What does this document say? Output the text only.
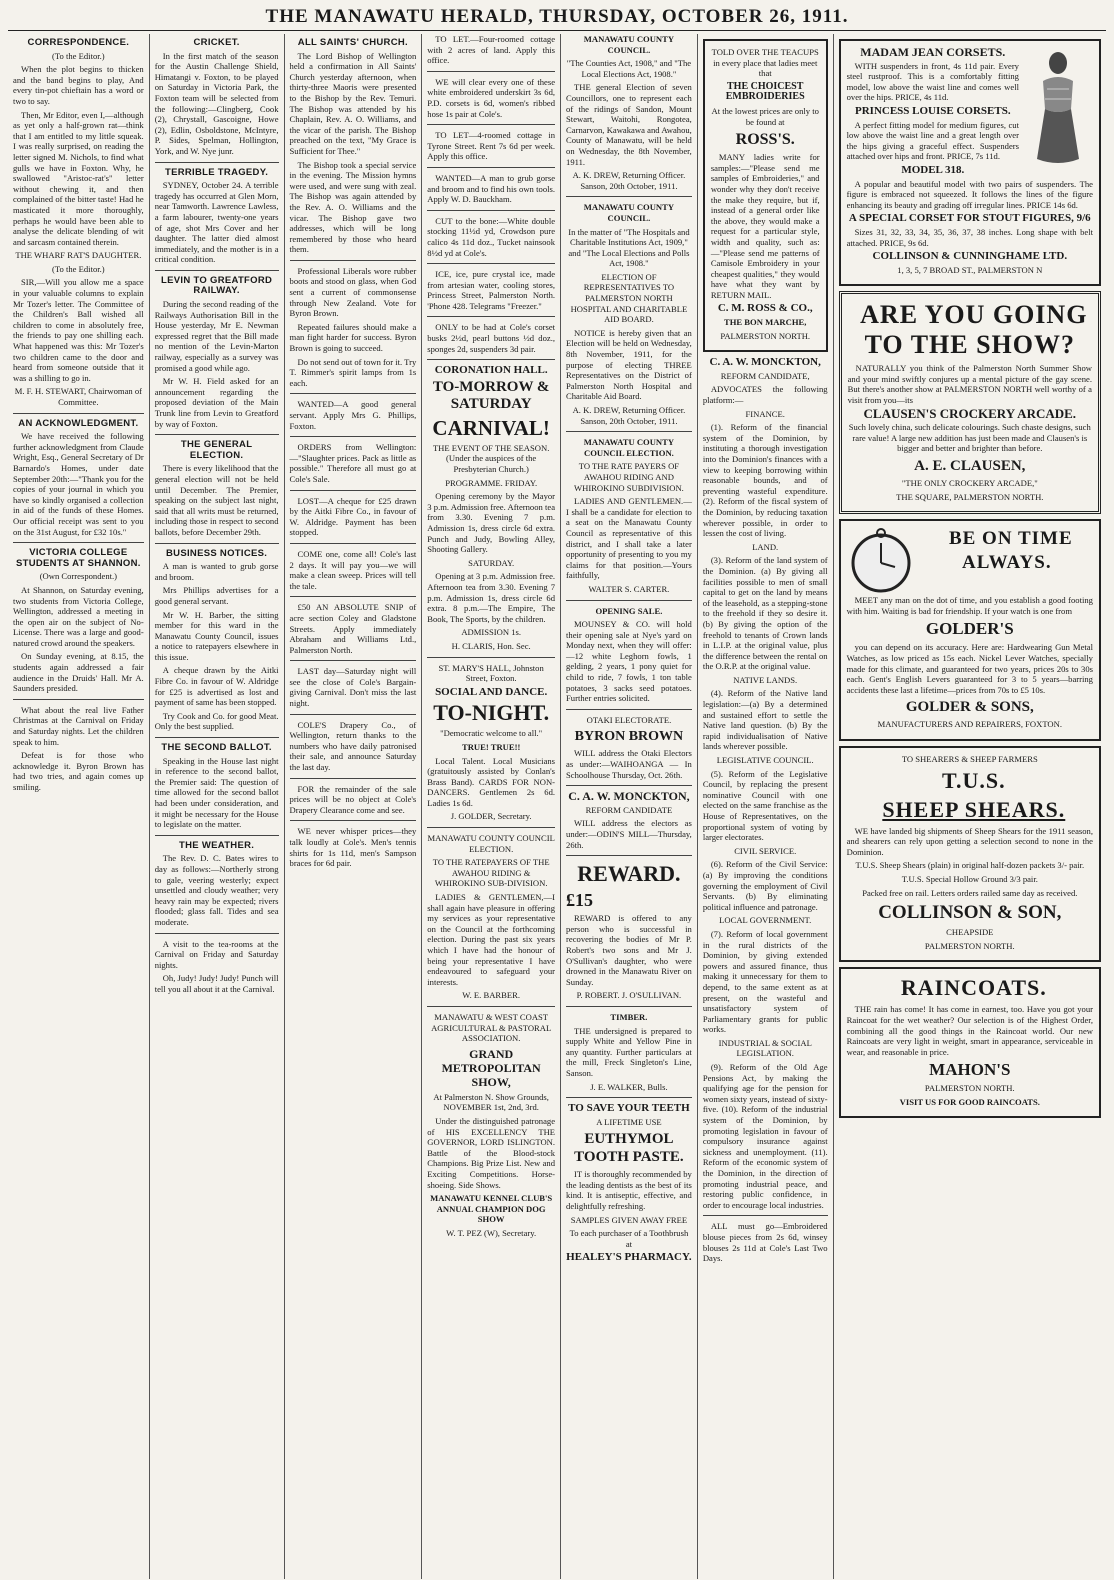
THE MANAWATU HERALD, THURSDAY, OCTOBER 26, 1911.
CORRESPONDENCE.

(To the Editor.)

When the plot begins to thicken and the band begins to play, And every tin-pot chieftain has a word or two to say.

Then, Mr Editor, even I,—although as yet only a half-grown rat—think that I am entitled to my little squeak. I was really surprised, on reading the letter signed M. Nichols, to find what gulls we have in Foxton. Why, he swallowed "Aristoc-rat's" letter without chewing it, and then complained of the bitter taste! Had he masticated it more thoroughly, perhaps he would have been able to analyse the delicate blending of wit and sarcasm contained therein.

THE WHARF RAT'S DAUGHTER.

(To the Editor.)

SIR,—Will you allow me a space in your valuable columns to explain Mr Tozer's letter. The Committee of the Children's Ball wished all children to come in absolutely free, the friends to pay one shilling each. What happened was this: Mr Tozer's two children came to the door and heard from someone outside that it was a shilling to go in.

M. F. H. STEWART, Chairwoman of Committee.

AN ACKNOWLEDGMENT.

We have received the following further acknowledgment from Claude Wright, Esq., General Secretary of Dr Barnardo's Homes, under date September 20th:—"Thank you for the copies of your journal in which you have so kindly organised a collection in aid of the funds of these Homes. Our official receipt was sent to you on the 31st August, for £32 10s."

VICTORIA COLLEGE STUDENTS AT SHANNON.

(Own Correspondent.)

At Shannon, on Saturday evening, two students from Victoria College, Wellington, addressed a meeting in the open air on the subject of No-License. There was a large and good-natured crowd around the speakers.

On Sunday evening, at 8.15, the students again addressed a fair audience in the Druids' Hall. Mr A. Saunders presided.

What about the real live Father Christmas at the Carnival on Friday and Saturday nights. Let the children speak to him.

Defeat is for those who acknowledge it. Byron Brown has had two tries, and again comes up smiling.

CRICKET.

In the first match of the season for the Austin Challenge Shield, Himatangi v. Foxton, to be played on Saturday in Victoria Park, the Foxton team will be selected from the following:—Clingberg, Cook (2), Chrystall, Gascoigne, Howe (2), Edlin, Osboldstone, McIntyre, P. Sides, Spelman, Hollington, York, and W. Nye junr.

TERRIBLE TRAGEDY.

SYDNEY, October 24. A terrible tragedy has occurred at Glen Morn, near Tamworth. Lawrence Lawless, a farm labourer, twenty-one years of age, shot Mrs Cover and her daughter. The latter died almost immediately, and the mother is in a critical condition.

LEVIN TO GREATFORD RAILWAY.

During the second reading of the Railways Authorisation Bill in the House yesterday, Mr E. Newman expressed regret that the Bill made no mention of the Levin-Marton railway, especially as a survey was promised a good while ago.

Mr W. H. Field asked for an announcement regarding the proposed deviation of the Main Trunk line from Levin to Greatford by way of Foxton.

THE GENERAL ELECTION.

There is every likelihood that the general election will not be held until December. The Premier, speaking on the subject last night, said that all writs must be returned, including those in respect to second ballots, before December 29th.

BUSINESS NOTICES.

A man is wanted to grub gorse and broom.

Mrs Phillips advertises for a good general servant.

Mr W. H. Barber, the sitting member for this ward in the Manawatu County Council, issues a notice to ratepayers elsewhere in this issue.

A cheque drawn by the Aitki Fibre Co. in favour of W. Aldridge for £25 is advertised as lost and payment of same has been stopped.

Try Cook and Co. for good Meat. Only the best supplied.

THE SECOND BALLOT.

Speaking in the House last night in reference to the second ballot, the Premier said: The question of time allowed for the second ballot had been under consideration, and it might be necessary for the House to legislate on the matter.

THE WEATHER.

The Rev. D. C. Bates wires to day as follows:—Northerly strong to gale, veering westerly; expect unsettled and cloudy weather; very heavy rain may be expected; rivers flooded; glass fall. Tides and sea moderate.

A visit to the tea-rooms at the Carnival on Friday and Saturday nights.

Oh, Judy! Judy! Judy! Punch will tell you all about it at the Carnival.

ALL SAINTS' CHURCH.

The Lord Bishop of Wellington held a confirmation in All Saints' Church yesterday afternoon, when thirty-three Maoris were presented to the Bishop by the Rev. Temuri. The Bishop was attended by his Chaplain, Rev. A. O. Williams, and the vicar of the parish. The Bishop preached on the text, "My Grace is Sufficient for Thee."

The Bishop took a special service in the evening. The Mission hymns were used, and were sung with zeal. The Bishop was again attended by the Rev. A. O. Williams and the vicar. The Bishop gave two addresses, which will be long remembered by those who heard them.

Professional Liberals wore rubber boots and stood on glass, when God sent a current of commonsense through New Zealand. Vote for Byron Brown.

Repeated failures should make a man fight harder for success. Byron Brown is going to succeed.

Do not send out of town for it. Try T. Rimmer's spirit lamps from 1s each.

WANTED—A good general servant. Apply Mrs G. Phillips, Foxton.

ORDERS from Wellington:—"Slaughter prices. Pack as little as possible." Therefore all must go at Cole's Sale.

LOST—A cheque for £25 drawn by the Aitki Fibre Co., in favour of W. Aldridge. Payment has been stopped.

COME one, come all! Cole's last 2 days. It will pay you—we will make a clean sweep. Prices will tell the tale.

£50 AN ABSOLUTE SNIP of acre section Coley and Gladstone Streets. Apply immediately Abraham and Williams Ltd., Palmerston North.

LAST day—Saturday night will see the close of Cole's Bargain-giving Carnival. Don't miss the last night.

COLE'S Drapery Co., of Wellington, return thanks to the numbers who have daily patronised their sale, and announce Saturday the last day.

FOR the remainder of the sale prices will be no object at Cole's Drapery Clearance come and see.

WE never whisper prices—they talk loudly at Cole's. Men's tennis shirts for 1s 11d, men's Sampson braces for 6d pair.

TO LET.—Four-roomed cottage with 2 acres of land. Apply this office.

WE will clear every one of these white embroidered underskirt 3s 6d, P.D. corsets is 6d, women's ribbed hose 1s pair at Cole's.

TO LET—4-roomed cottage in Tyrone Street. Rent 7s 6d per week. Apply this office.

WANTED—A man to grub gorse and broom and to find his own tools. Apply W. D. Bauckham.

CUT to the bone:—White double stocking 11½d yd, Crowdson pure calico 4s 11d doz., Tucket nainsook 8½d yd at Cole's.

ICE, ice, pure crystal ice, made from artesian water, cooling stores, Princess Street, Palmerston North. 'Phone 428. Telegrams "Freezer."

ONLY to be had at Cole's corset busks 2½d, pearl buttons ½d doz., sponges 2d, suspenders 3d pair.

CORONATION HALL.

TO-MORROW & SATURDAY

CARNIVAL!

THE EVENT OF THE SEASON. (Under the auspices of the Presbyterian Church.)

PROGRAMME. FRIDAY.

Opening ceremony by the Mayor 3 p.m. Admission free. Afternoon tea from 3.30. Evening 7 p.m. Admission 1s, dress circle 6d extra. Punch and Judy, Bowling Alley, Shooting Gallery.

SATURDAY.

Opening at 3 p.m. Admission free. Afternoon tea from 3.30. Evening 7 p.m. Admission 1s, dress circle 6d extra. 8 p.m.—The Empire, The Book, The Sports, by the children.

ADMISSION 1s.

H. CLARIS, Hon. Sec.

ST. MARY'S HALL, Johnston Street, Foxton.

SOCIAL AND DANCE.

TO-NIGHT.

"Democratic welcome to all."

TRUE! TRUE!!

Local Talent. Local Musicians (gratuitously assisted by Conlan's Brass Band). CARDS FOR NON-DANCERS. Gentlemen 2s 6d. Ladies 1s 6d.

J. GOLDER, Secretary.

MANAWATU COUNTY COUNCIL ELECTION.

TO THE RATEPAYERS OF THE AWAHOU RIDING & WHIROKINO SUB-DIVISION.

LADIES & GENTLEMEN,—I shall again have pleasure in offering my services as your representative on the Council at the forthcoming election. During the past six years which I have had the honour of being your representative I have endeavoured to safeguard your interests.

W. E. BARBER.

MANAWATU & WEST COAST AGRICULTURAL & PASTORAL ASSOCIATION.

GRAND METROPOLITAN SHOW,

At Palmerston N. Show Grounds, NOVEMBER 1st, 2nd, 3rd.

Under the distinguished patronage of HIS EXCELLENCY THE GOVERNOR, LORD ISLINGTON. Battle of the Blood-stock Champions. Big Prize List. New and Exciting Competitions. Horse-shoeing. Side Shows.

MANAWATU KENNEL CLUB'S ANNUAL CHAMPION DOG SHOW

W. T. PEZ (W), Secretary.

MANAWATU COUNTY COUNCIL.

"The Counties Act, 1908," and "The Local Elections Act, 1908."

THE general Election of seven Councillors, one to represent each of the ridings of Sandon, Mount Stewart, Waitohi, Rongotea, Carnarvon, Kawakawa and Awahou, County of Manawatu, will be held on Wednesday, the 8th November, 1911.

A. K. DREW, Returning Officer. Sanson, 20th October, 1911.

MANAWATU COUNTY COUNCIL.

In the matter of "The Hospitals and Charitable Institutions Act, 1909," and "The Local Elections and Polls Act, 1908."

ELECTION OF REPRESENTATIVES TO PALMERSTON NORTH HOSPITAL AND CHARITABLE AID BOARD.

NOTICE is hereby given that an Election will be held on Wednesday, 8th November, 1911, for the purpose of electing THREE Representatives on the District of Palmerston North Hospital and Charitable Aid Board.

A. K. DREW, Returning Officer. Sanson, 20th October, 1911.

MANAWATU COUNTY COUNCIL ELECTION.

TO THE RATE PAYERS OF AWAHOU RIDING AND WHIROKINO SUBDIVISION.

LADIES AND GENTLEMEN.—I shall be a candidate for election to a seat on the Manawatu County Council as representative of this district, and I shall take a later opportunity of presenting to you my claims for that position.—Yours faithfully,

WALTER S. CARTER.

OPENING SALE.

MOUNSEY & CO. will hold their opening sale at Nye's yard on Monday next, when they will offer:—12 white Leghorn fowls, 1 gelding, 2 years, 1 pony quiet for child to ride, 7 fowls, 1 ton table potatoes, 3 sacks seed potatoes. Further entries solicited.

OTAKI ELECTORATE.

BYRON BROWN

WILL address the Otaki Electors as under:—WAIHOANGA — In Schoolhouse Thursday, Oct. 26th.

C. A. W. MONCKTON,

REFORM CANDIDATE

WILL address the electors as under:—ODIN'S MILL—Thursday, 26th.

REWARD.

£15

REWARD is offered to any person who is successful in recovering the bodies of Mr P. Robert's two sons and Mr J. O'Sullivan's daughter, who were drowned in the Manawatu River on Sunday.

P. ROBERT. J. O'SULLIVAN.

TIMBER.

THE undersigned is prepared to supply White and Yellow Pine in any quantity. Further particulars at the mill, Freck Singleton's Line, Sanson.

J. E. WALKER, Bulls.

TO SAVE YOUR TEETH

A LIFETIME USE

EUTHYMOL TOOTH PASTE.

IT is thoroughly recommended by the leading dentists as the best of its kind. It is antiseptic, effective, and delightfully refreshing.

SAMPLES GIVEN AWAY FREE

To each purchaser of a Toothbrush at

HEALEY'S PHARMACY.

TOLD OVER THE TEACUPS in every place that ladies meet that

THE CHOICEST EMBROIDERIES

At the lowest prices are only to be found at

ROSS'S.

MANY ladies write for samples:—"Please send me samples of Embroideries," and wonder why they don't receive the make they require, but if, instead of a general order like the above, they would make a request for a particular style, width and quality, such as:—"Please send me patterns of Camisole Embroidery in your cheapest qualities," they would have what they want by RETURN MAIL.

C. M. ROSS & CO.,

THE BON MARCHE,

PALMERSTON NORTH.

C. A. W. MONCKTON,

REFORM CANDIDATE,

ADVOCATES the following platform:—

FINANCE.

(1). Reform of the financial system of the Dominion, by instituting a thorough investigation into the Dominion's finances with a view to keeping borrowing within reasonable bounds, and of preventing wasteful expenditure. (2). Reform of the fiscal system of the Dominion, by reducing taxation wherever possible, in order to lessen the cost of living.

LAND.

(3). Reform of the land system of the Dominion. (a) By giving all facilities possible to men of small capital to get on the land by means of the leasehold, as a stepping-stone to the freehold if they so desire it. (b) By giving the option of the freehold to tenants of Crown lands in L.I.P. at the original value, plus the difference between the rental on the O.R.P. at the original value.

NATIVE LANDS.

(4). Reform of the Native land legislation:—(a) By a determined and sustained effort to settle the Native land question. (b) By the rapid individualisation of Native lands wherever possible.

LEGISLATIVE COUNCIL.

(5). Reform of the Legislative Council, by replacing the present nominative Council with one elected on the same franchise as the House of Representatives, on the proportional system of voting by larger electorates.

CIVIL SERVICE.

(6). Reform of the Civil Service:(a) By improving the conditions governing the employment of Civil Servants. (b) By eliminating political influence and patronage.

LOCAL GOVERNMENT.

(7). Reform of local government in the rural districts of the Dominion, by giving extended powers and assured finance, thus making it unnecessary for them to depend, to the same extent as at present, on the wasteful and unsatisfactory system of Parliamentary grants for public works.

INDUSTRIAL & SOCIAL LEGISLATION.

(9). Reform of the Old Age Pensions Act, by making the qualifying age for the pension for women sixty years, instead of sixty-five. (10). Reform of the industrial system of the Dominion, by promoting legislation in favour of compulsory insurance against sickness and unemployment. (11). Reform of the economic system of the Dominion, in the direction of promoting industrial peace, and restoring public confidence, in order to encourage local industries.

ALL must go—Embroidered blouse pieces from 2s 6d, winsey blouses 2s 11d at Cole's Last Two Days.

MADAM JEAN CORSETS.

WITH suspenders in front, 4s 11d pair. Every steel rustproof. This is a comfortably fitting model, low above the waist line and comes well over the hips. PRICE, 4s 11d.

PRINCESS LOUISE CORSETS.

A perfect fitting model for medium figures, cut low above the waist line and a great length over the hips giving a graceful effect. Suspenders attached over hips and front. PRICE, 7s 11d.

MODEL 318.

A popular and beautiful model with two pairs of suspenders. The figure is embraced not squeezed. It follows the lines of the figure enhancing its beauty and grading off irregular lines. PRICE 14s 6d.

A SPECIAL CORSET FOR STOUT FIGURES, 9/6

Sizes 31, 32, 33, 34, 35, 36, 37, 38 inches. Long shape with belt attached. PRICE, 9s 6d.

COLLINSON & CUNNINGHAME LTD.

1, 3, 5, 7 BROAD ST., PALMERSTON N

ARE YOU GOING TO THE SHOW?

NATURALLY you think of the Palmerston North Summer Show and your mind swiftly conjures up a mental picture of the gay scene. But there's another show at PALMERSTON NORTH well worthy of a visit from you—its

CLAUSEN'S CROCKERY ARCADE.

Such lovely china, such delicate colourings. Such chaste designs, such rare value! A large new addition has just been made and Clausen's is bigger and better and brighter than before.

A. E. CLAUSEN,

"THE ONLY CROCKERY ARCADE,"

THE SQUARE, PALMERSTON NORTH.

BE ON TIME ALWAYS.

MEET any man on the dot of time, and you establish a good footing with him. Waiting is bad for friendship. If your watch is one from

GOLDER'S

you can depend on its accuracy. Here are: Hardwearing Gun Metal Watches, as low priced as 15s each. Nickel Lever Watches, specially made for this climate, and guaranteed for two years, prices 20s to 30s each. Gent's English Levers guaranteed for 3 to 5 years—barring accidents these last a lifetime—prices from 70s to £5 10s.

GOLDER & SONS,

MANUFACTURERS AND REPAIRERS, FOXTON.

TO SHEARERS & SHEEP FARMERS

T.U.S.

SHEEP SHEARS.

WE have landed big shipments of Sheep Shears for the 1911 season, and shearers can rely upon getting a selection second to none in the Dominion.

T.U.S. Sheep Shears (plain) in original half-dozen packets 3/- pair.

T.U.S. Special Hollow Ground 3/3 pair.

Packed free on rail. Letters orders railed same day as received.

COLLINSON & SON,

CHEAPSIDE

PALMERSTON NORTH.

RAINCOATS.

THE rain has come! It has come in earnest, too. Have you got your Raincoat for the wet weather? Our selection is of the Highest Order, combining all the good things in the Raincoat world. Our new Raincoats are very light in weight, smart in appearance, serviceable in wear, and reasonable in price.

MAHON'S

PALMERSTON NORTH.

VISIT US FOR GOOD RAINCOATS.
